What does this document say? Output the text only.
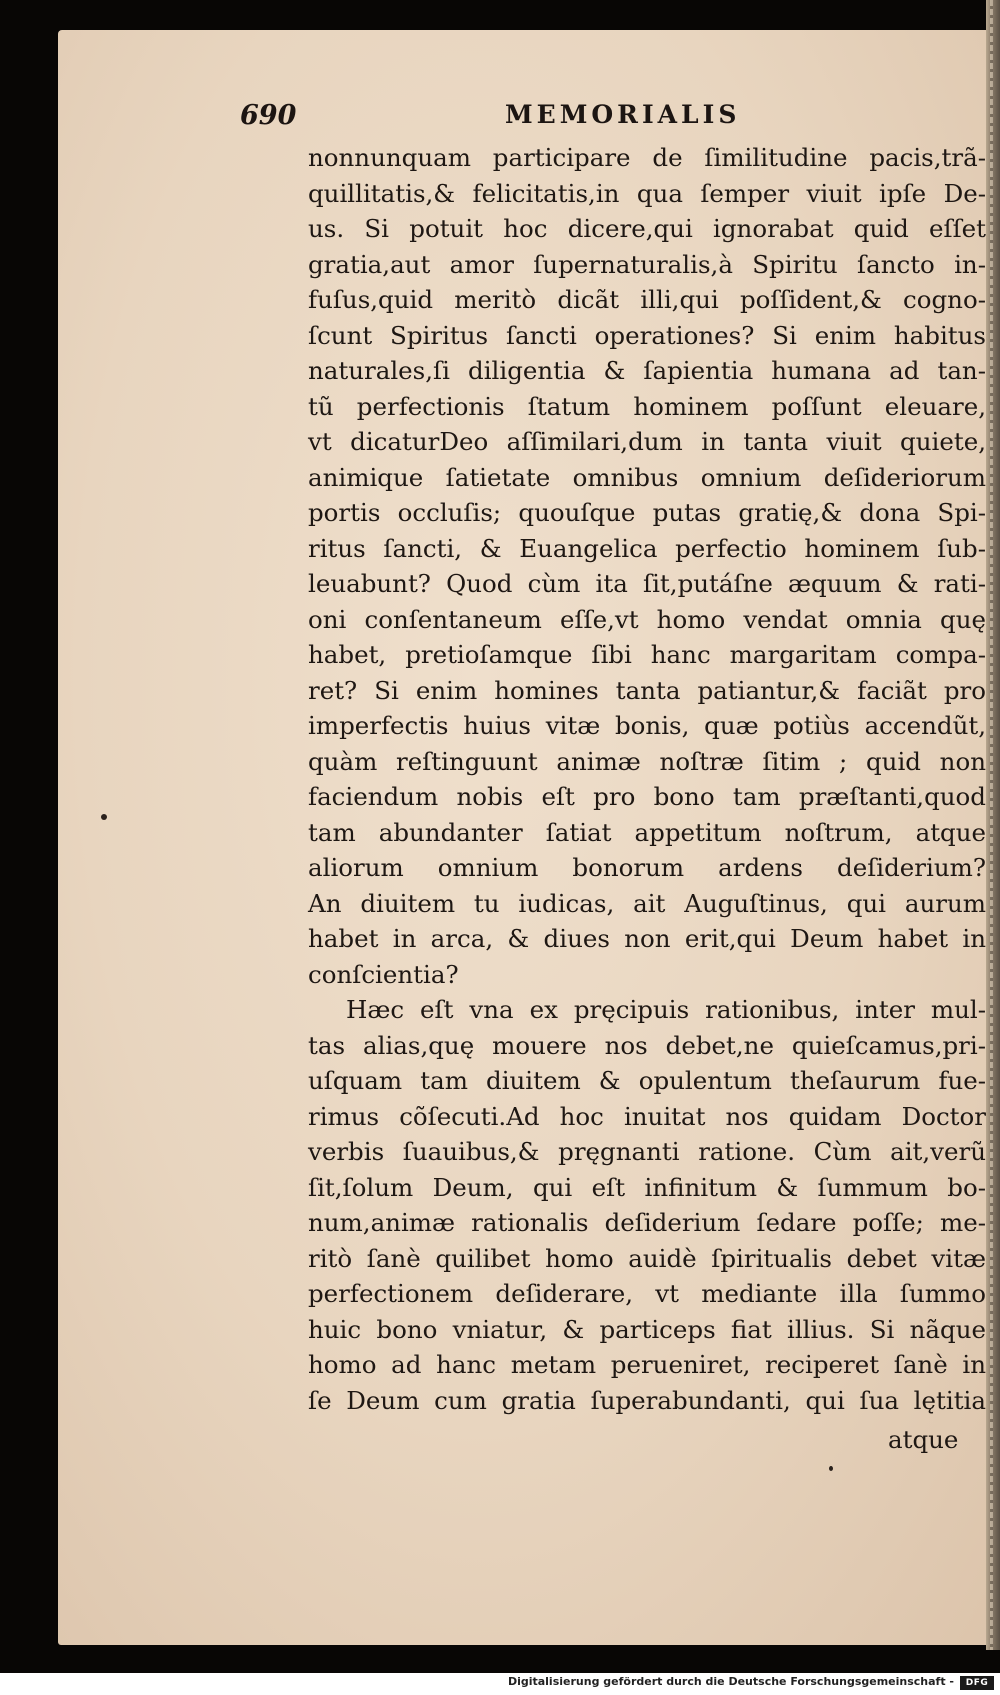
690	MEMORIALIS
nonnunquam participare de ſimilitudine pacis,trã-
quillitatis,& felicitatis,in qua ſemper viuit ipſe De-
us. Si potuit hoc dicere,qui ignorabat quid eſſet
gratia,aut amor ſupernaturalis,à Spiritu ſancto in-
fuſus,quid meritò dicãt illi,qui poſſident,& cogno-
ſcunt Spiritus ſancti operationes? Si enim habitus
naturales,ſi diligentia & ſapientia humana ad tan-
tũ perfectionis ſtatum hominem poſſunt eleuare,
vt dicaturDeo aſſimilari,dum in tanta viuit quiete,
animique ſatietate omnibus omnium deſideriorum
portis occluſis; quouſque putas gratię,& dona Spi-
ritus ſancti, & Euangelica perfectio hominem ſub-
leuabunt? Quod cùm ita ſit,putáſne æquum & rati-
oni conſentaneum eſſe,vt homo vendat omnia quę
habet, pretioſamque ſibi hanc margaritam compa-
ret? Si enim homines tanta patiantur,& faciãt pro
imperfectis huius vitæ bonis, quæ potiùs accendũt,
quàm reſtinguunt animæ noſtræ ſitim ; quid non
faciendum nobis eſt pro bono tam præſtanti,quod
tam abundanter ſatiat appetitum noſtrum, atque
aliorum omnium bonorum ardens deſiderium?
An diuitem tu iudicas, ait Auguſtinus, qui aurum
habet in arca, & diues non erit,qui Deum habet in
conſcientia?
Hæc eſt vna ex pręcipuis rationibus, inter mul-
tas alias,quę mouere nos debet,ne quieſcamus,pri-
uſquam tam diuitem & opulentum theſaurum fue-
rimus cõſecuti.Ad hoc inuitat nos quidam Doctor
verbis ſuauibus,& pręgnanti ratione. Cùm ait,verũ
ſit,ſolum Deum, qui eſt infinitum & ſummum bo-
num,animæ rationalis deſiderium ſedare poſſe; me-
ritò ſanè quilibet homo auidè ſpiritualis debet vitæ
perfectionem deſiderare, vt mediante illa ſummo
huic bono vniatur, & particeps fiat illius. Si nãque
homo ad hanc metam perueniret, reciperet ſanè in
ſe Deum cum gratia ſuperabundanti, qui ſua lętitia
atque
Digitalisierung gefördert durch die Deutsche Forschungsgemeinschaft -	DFG
